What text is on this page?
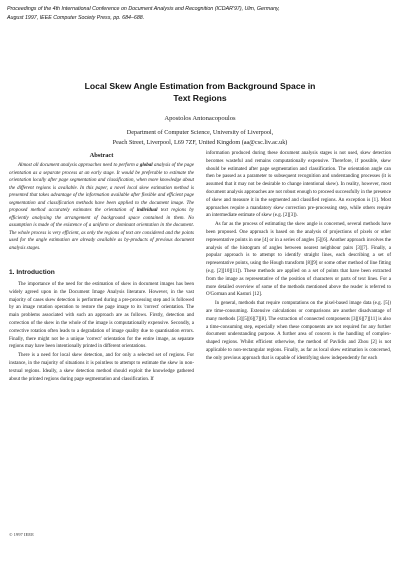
Proceedings of the 4th International Conference on Document Analysis and Recognition (ICDAR'97), Ulm, Germany,
August 1997, IEEE Computer Society Press, pp. 684–688.
Local Skew Angle Estimation from Background Space in
Text Regions
Apostolos Antonacopoulos
Department of Computer Science, University of Liverpool,
Peach Street, Liverpool, L69 7ZF, United Kingdom (aa@csc.liv.ac.uk)
Abstract

Almost all document analysis approaches need to perform a global analysis of the page orientation as a separate process at an early stage. It would be preferable to estimate the orientation locally after page segmentation and classification, when more knowledge about the different regions is available. In this paper, a novel local skew estimation method is presented that takes advantage of the information available after flexible and efficient page segmentation and classification methods have been applied to the document image. The proposed method accurately estimates the orientation of individual text regions by efficiently analysing the arrangement of background space contained in them. No assumption is made of the existence of a uniform or dominant orientation in the document. The whole process is very efficient, as only the regions of text are considered and the points used for the angle estimation are already available as by-products of previous document analysis stages.

1. Introduction

The importance of the need for the estimation of skew in document images has been widely agreed upon in the Document Image Analysis literature. However, in the vast majority of cases skew detection is performed during a pre-processing step and is followed by an image rotation operation to restore the page image to its 'correct' orientation. The main problems associated with such an approach are as follows. Firstly, detection and correction of the skew in the whole of the image is computationally expensive. Secondly, a corrective rotation often leads to a degradation of image quality due to quantisation errors. Finally, there might not be a unique 'correct' orientation for the entire image, as separate regions may have been intentionally printed in different orientations.

There is a need for local skew detection, and for only a selected set of regions. For instance, in the majority of situations it is pointless to attempt to estimate the skew in non-textual regions. Ideally, a skew detection method should exploit the knowledge gathered about the printed regions during page segmentation and classification. If

information produced during these document analysis stages is not used, skew detection becomes wasteful and remains computationally expensive. Therefore, if possible, skew should be estimated after page segmentation and classification. The orientation angle can then be passed as a parameter to subsequent recognition and understanding processes (it is assumed that it may not be desirable to change intentional skew). In reality, however, most document analysis approaches are not robust enough to proceed successfully in the presence of skew and measure it in the segmented and classified regions. An exception is [1]. Most approaches require a mandatory skew correction pre-processing step, while others require an intermediate estimate of skew (e.g. [2][3]).

As far as the process of estimating the skew angle is concerned, several methods have been proposed. One approach is based on the analysis of projections of pixels or other representative points in one [4] or in a series of angles [5][6]. Another approach involves the analysis of the histogram of angles between nearest neighbour pairs [3][7]. Finally, a popular approach is to attempt to identify straight lines, each describing a set of representative points, using the Hough transform [8][9] or some other method of line fitting (e.g. [2][10][11]). These methods are applied on a set of points that have been extracted from the image as representative of the position of characters or parts of text lines. For a more detailed overview of some of the methods mentioned above the reader is referred to O'Gorman and Kasturi [12].

In general, methods that require computations on the pixel-based image data (e.g. [5]) are time-consuming. Extensive calculations or comparisons are another disadvantage of many methods [3][5][6][7][8]. The extraction of connected components [3][6][7][11] is also a time-consuming step, especially when these components are not required for any further document understanding purpose. A further area of concern is the handling of complex-shaped regions. Whilst efficient otherwise, the method of Pavlidis and Zhou [2] is not applicable to non-rectangular regions. Finally, as far as local skew estimation is concerned, the only previous approach that is capable of identifying skew independently for each

© 1997 IEEE
